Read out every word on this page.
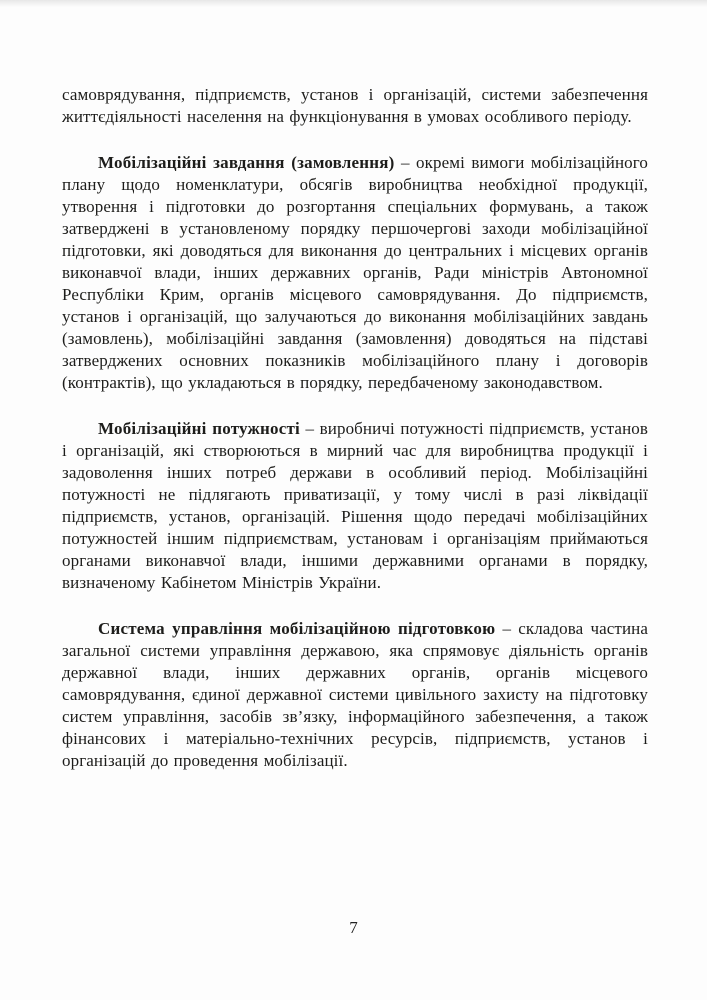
самоврядування, підприємств, установ і організацій, системи забезпечення життєдіяльності населення на функціонування в умовах особливого періоду.

Мобілізаційні завдання (замовлення) – окремі вимоги мобілізаційного плану щодо номенклатури, обсягів виробництва необхідної продукції, утворення і підготовки до розгортання спеціальних формувань, а також затверджені в установленому порядку першочергові заходи мобілізаційної підготовки, які доводяться для виконання до центральних і місцевих органів виконавчої влади, інших державних органів, Ради міністрів Автономної Республіки Крим, органів місцевого самоврядування. До підприємств, установ і організацій, що залучаються до виконання мобілізаційних завдань (замовлень), мобілізаційні завдання (замовлення) доводяться на підставі затверджених основних показників мобілізаційного плану і договорів (контрактів), що укладаються в порядку, передбаченому законодавством.

Мобілізаційні потужності – виробничі потужності підприємств, установ і організацій, які створюються в мирний час для виробництва продукції і задоволення інших потреб держави в особливий період. Мобілізаційні потужності не підлягають приватизації, у тому числі в разі ліквідації підприємств, установ, організацій. Рішення щодо передачі мобілізаційних потужностей іншим підприємствам, установам і організаціям приймаються органами виконавчої влади, іншими державними органами в порядку, визначеному Кабінетом Міністрів України.

Система управління мобілізаційною підготовкою – складова частина загальної системи управління державою, яка спрямовує діяльність органів державної влади, інших державних органів, органів місцевого самоврядування, єдиної державної системи цивільного захисту на підготовку систем управління, засобів зв’язку, інформаційного забезпечення, а також фінансових і матеріально-технічних ресурсів, підприємств, установ і організацій до проведення мобілізації.

7
